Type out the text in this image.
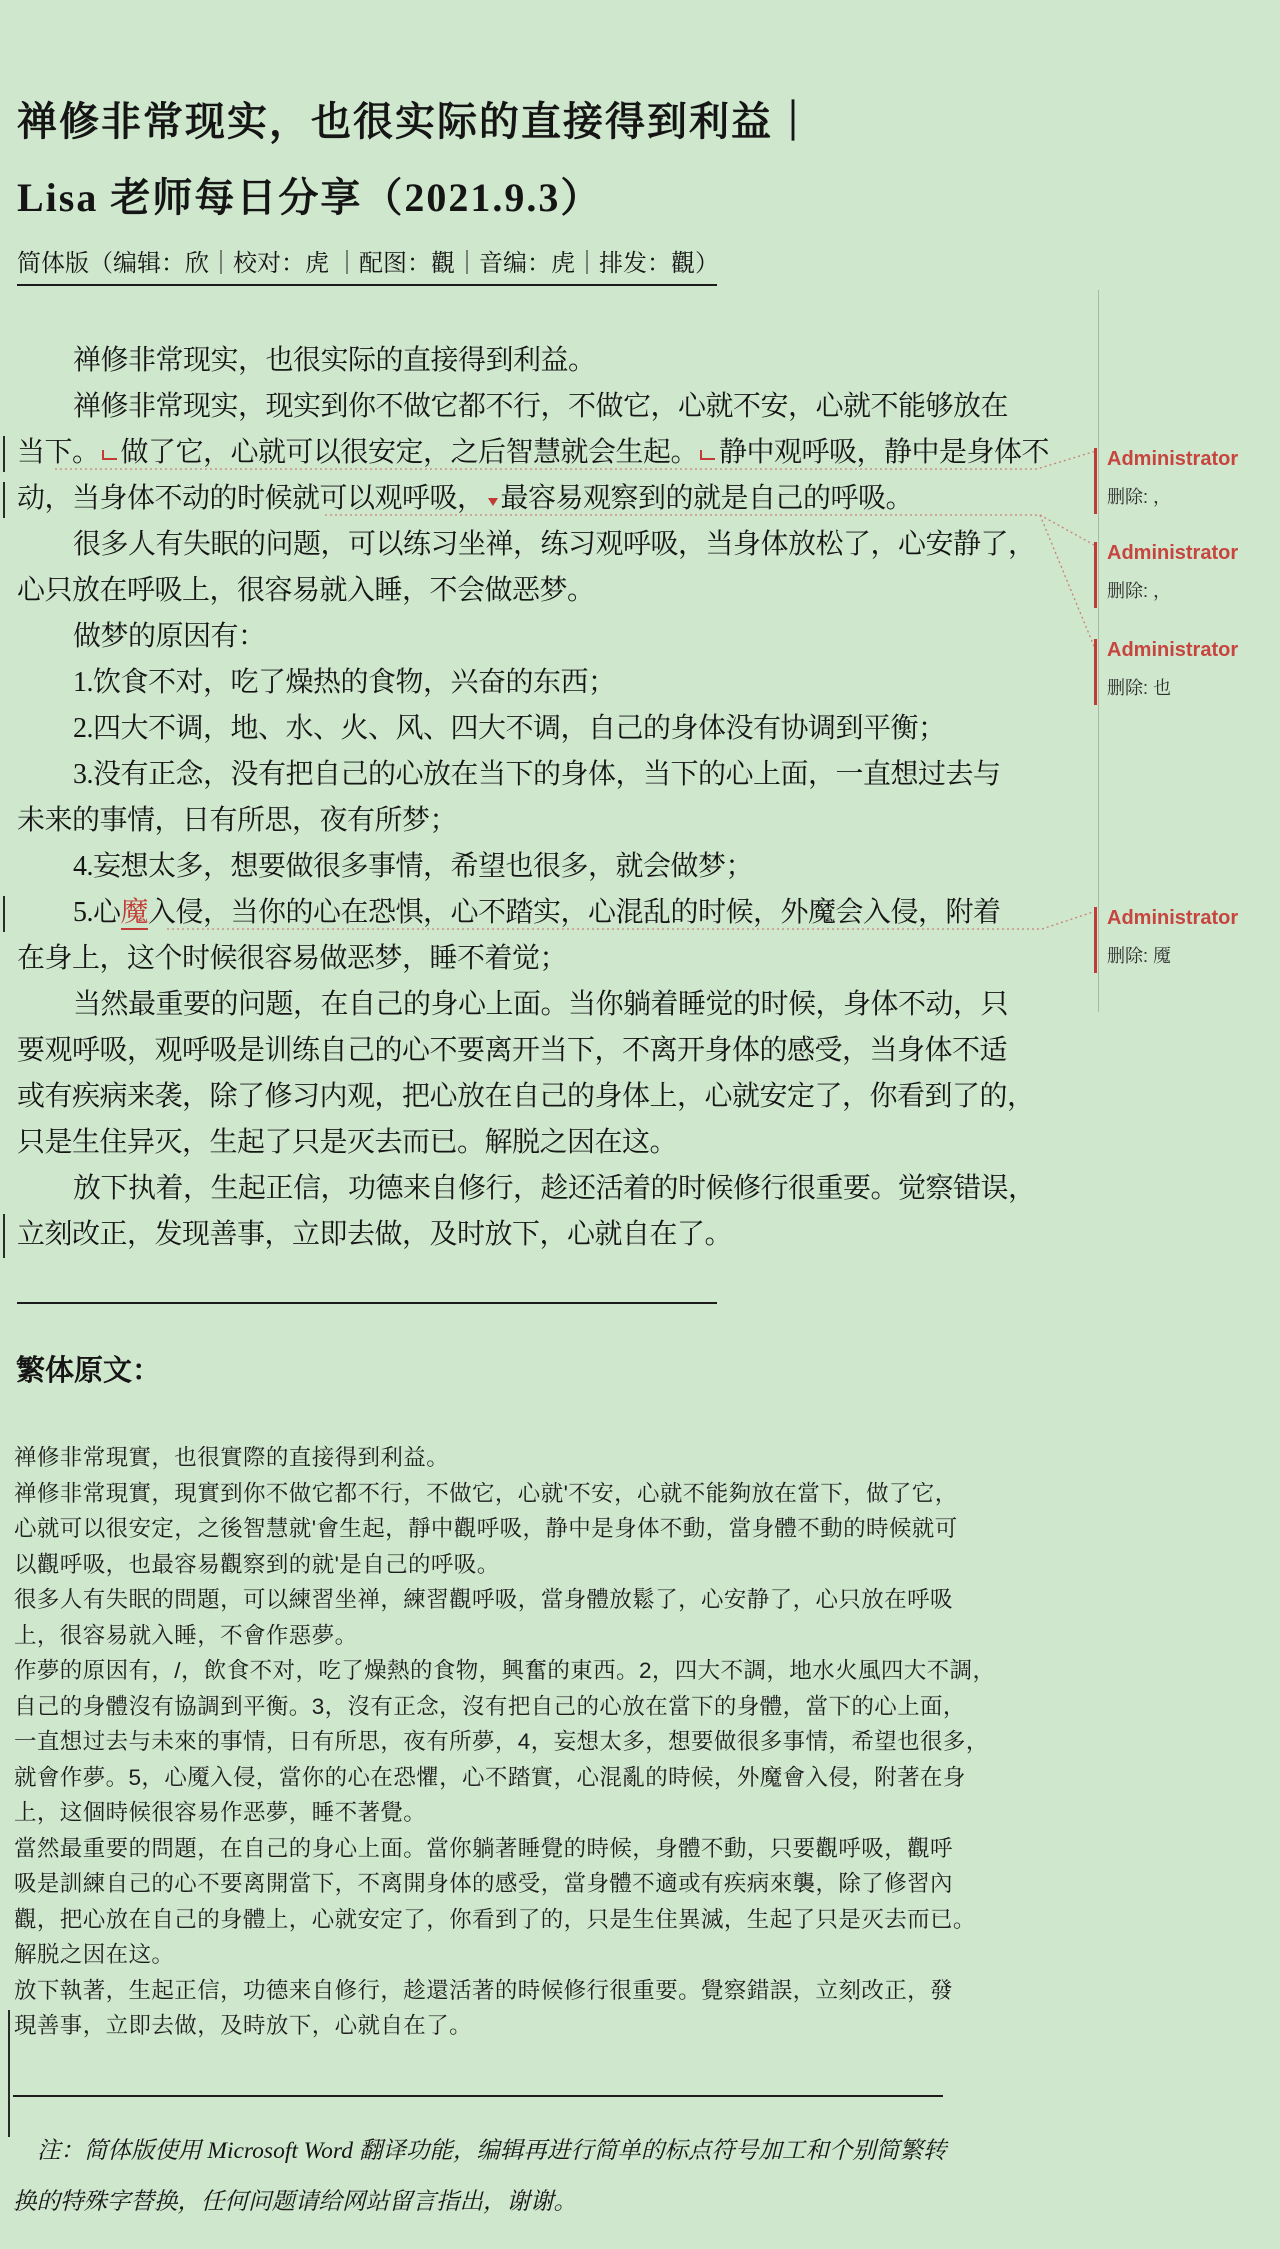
禅修非常现实，也很实际的直接得到利益｜
Lisa 老师每日分享（2021.9.3）
简体版（编辑：欣｜校对：虎 ｜配图：觀｜音编：虎｜排发：觀）
禅修非常现实，也很实际的直接得到利益。
禅修非常现实，现实到你不做它都不行，不做它，心就不安，心就不能够放在
当下。 做了它，心就可以很安定，之后智慧就会生起。 静中观呼吸，静中是身体不
动，当身体不动的时候就可以观呼吸， 最容易观察到的就是自己的呼吸。
很多人有失眠的问题，可以练习坐禅，练习观呼吸，当身体放松了，心安静了，
心只放在呼吸上，很容易就入睡，不会做恶梦。
做梦的原因有：
1.饮食不对，吃了燥热的食物，兴奋的东西；
2.四大不调，地、水、火、风、四大不调，自己的身体没有协调到平衡；
3.没有正念，没有把自己的心放在当下的身体，当下的心上面，一直想过去与
未来的事情，日有所思，夜有所梦；
4.妄想太多，想要做很多事情，希望也很多，就会做梦；
5.心魔入侵，当你的心在恐惧，心不踏实，心混乱的时候，外魔会入侵，附着
在身上，这个时候很容易做恶梦，睡不着觉；
当然最重要的问题，在自己的身心上面。当你躺着睡觉的时候，身体不动，只
要观呼吸，观呼吸是训练自己的心不要离开当下，不离开身体的感受，当身体不适
或有疾病来袭，除了修习内观，把心放在自己的身体上，心就安定了，你看到了的，
只是生住异灭，生起了只是灭去而已。解脱之因在这。
放下执着，生起正信，功德来自修行，趁还活着的时候修行很重要。觉察错误，
立刻改正，发现善事，立即去做，及时放下，心就自在了。
Administrator
删除: ，
Administrator
删除: ，
Administrator
删除: 也
Administrator
删除: 魇
繁体原文：
禅修非常現實，也很實際的直接得到利益。
禅修非常現實，現實到你不做它都不行，不做它，心就'不安，心就不能夠放在當下，做了它，
心就可以很安定，之後智慧就'會生起，靜中觀呼吸，静中是身体不動，當身體不動的時候就可
以觀呼吸，也最容易觀察到的就'是自己的呼吸。
很多人有失眠的問題，可以練習坐禅，練習觀呼吸，當身體放鬆了，心安静了，心只放在呼吸
上，很容易就入睡，不會作惡夢。
作夢的原因有，/，飲食不对，吃了燥熱的食物，興奮的東西。2，四大不調，地水火風四大不調，
自己的身體沒有協調到平衡。3，沒有正念，沒有把自己的心放在當下的身體，當下的心上面，
一直想过去与未來的事情，日有所思，夜有所夢，4，妄想太多，想要做很多事情，希望也很多，
就會作夢。5，心魇入侵，當你的心在恐懼，心不踏實，心混亂的時候，外魔會入侵，附著在身
上，这個時候很容易作恶夢，睡不著覺。
當然最重要的問題，在自己的身心上面。當你躺著睡覺的時候，身體不動，只要觀呼吸，觀呼
吸是訓練自己的心不要离開當下，不离開身体的感受，當身體不適或有疾病來襲，除了修習內
觀，把心放在自己的身體上，心就安定了，你看到了的，只是生住異滅，生起了只是灭去而已。
解脱之因在这。
放下執著，生起正信，功德来自修行，趁還活著的時候修行很重要。覺察錯誤，立刻改正，發
現善事，立即去做，及時放下，心就自在了。
注：简体版使用 Microsoft Word 翻译功能，编辑再进行简单的标点符号加工和个别简繁转
换的特殊字替换，任何问题请给网站留言指出，谢谢。
